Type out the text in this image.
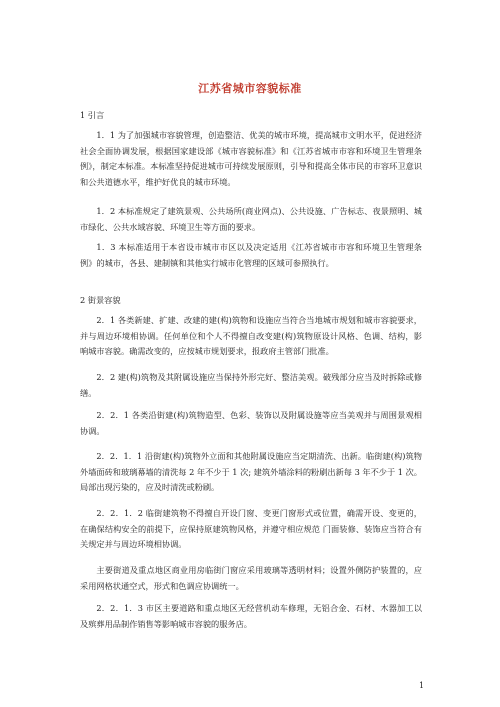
江苏省城市容貌标准

1 引言

1．1 为了加强城市容貌管理，创造整洁、优美的城市环境，提高城市文明水平，促进经济社会全面协调发展，根据国家建设部《城市容貌标准》和《江苏省城市市容和环境卫生管理条例》，制定本标准。本标准坚持促进城市可持续发展原则，引导和提高全体市民的市容环卫意识和公共道德水平，维护好优良的城市环境。

1．2 本标准规定了建筑景观、公共场所(商业网点)、公共设施、广告标志、夜景照明、城市绿化、公共水域容貌、环境卫生等方面的要求。

1．3 本标准适用于本省设市城市市区以及决定适用《江苏省城市市容和环境卫生管理条例》的城市，各县、建制镇和其他实行城市化管理的区域可参照执行。

2 街景容貌

2．1 各类新建、扩建、改建的建(构)筑物和设施应当符合当地城市规划和城市容貌要求，并与周边环境相协调。任何单位和个人不得擅自改变建(构)筑物原设计风格、色调、结构，影响城市容貌。确需改变的，应按城市规划要求，报政府主管部门批准。

2．2 建(构)筑物及其附属设施应当保持外形完好、整洁美观。破残部分应当及时拆除或修缮。

2．2．1 各类沿街建(构)筑物造型、色彩、装饰以及附属设施等应当美观并与周围景观相协调。

2．2．1．1 沿街建(构)筑物外立面和其他附属设施应当定期清洗、出新。临街建(构)筑物外墙面砖和玻璃幕墙的清洗每 2 年不少于 1 次; 建筑外墙涂料的粉刷出新每 3 年不少于 1 次。局部出现污染的，应及时清洗或粉刷。

2．2．1．2 临街建筑物不得擅自开设门窗、变更门窗形式或位置，确需开设、变更的，在确保结构安全的前提下，应保持原建筑物风格，并遵守相应规范 门面装修、装饰应当符合有关规定并与周边环境相协调。

主要街道及重点地区商业用房临街门窗应采用玻璃等透明材料；设置外侧防护装置的，应采用网格状通空式，形式和色调应协调统一。

2．2．1．3 市区主要道路和重点地区无经营机动车修理，无铝合金、石材、木器加工以及殡葬用品制作销售等影响城市容貌的服务店。

1
